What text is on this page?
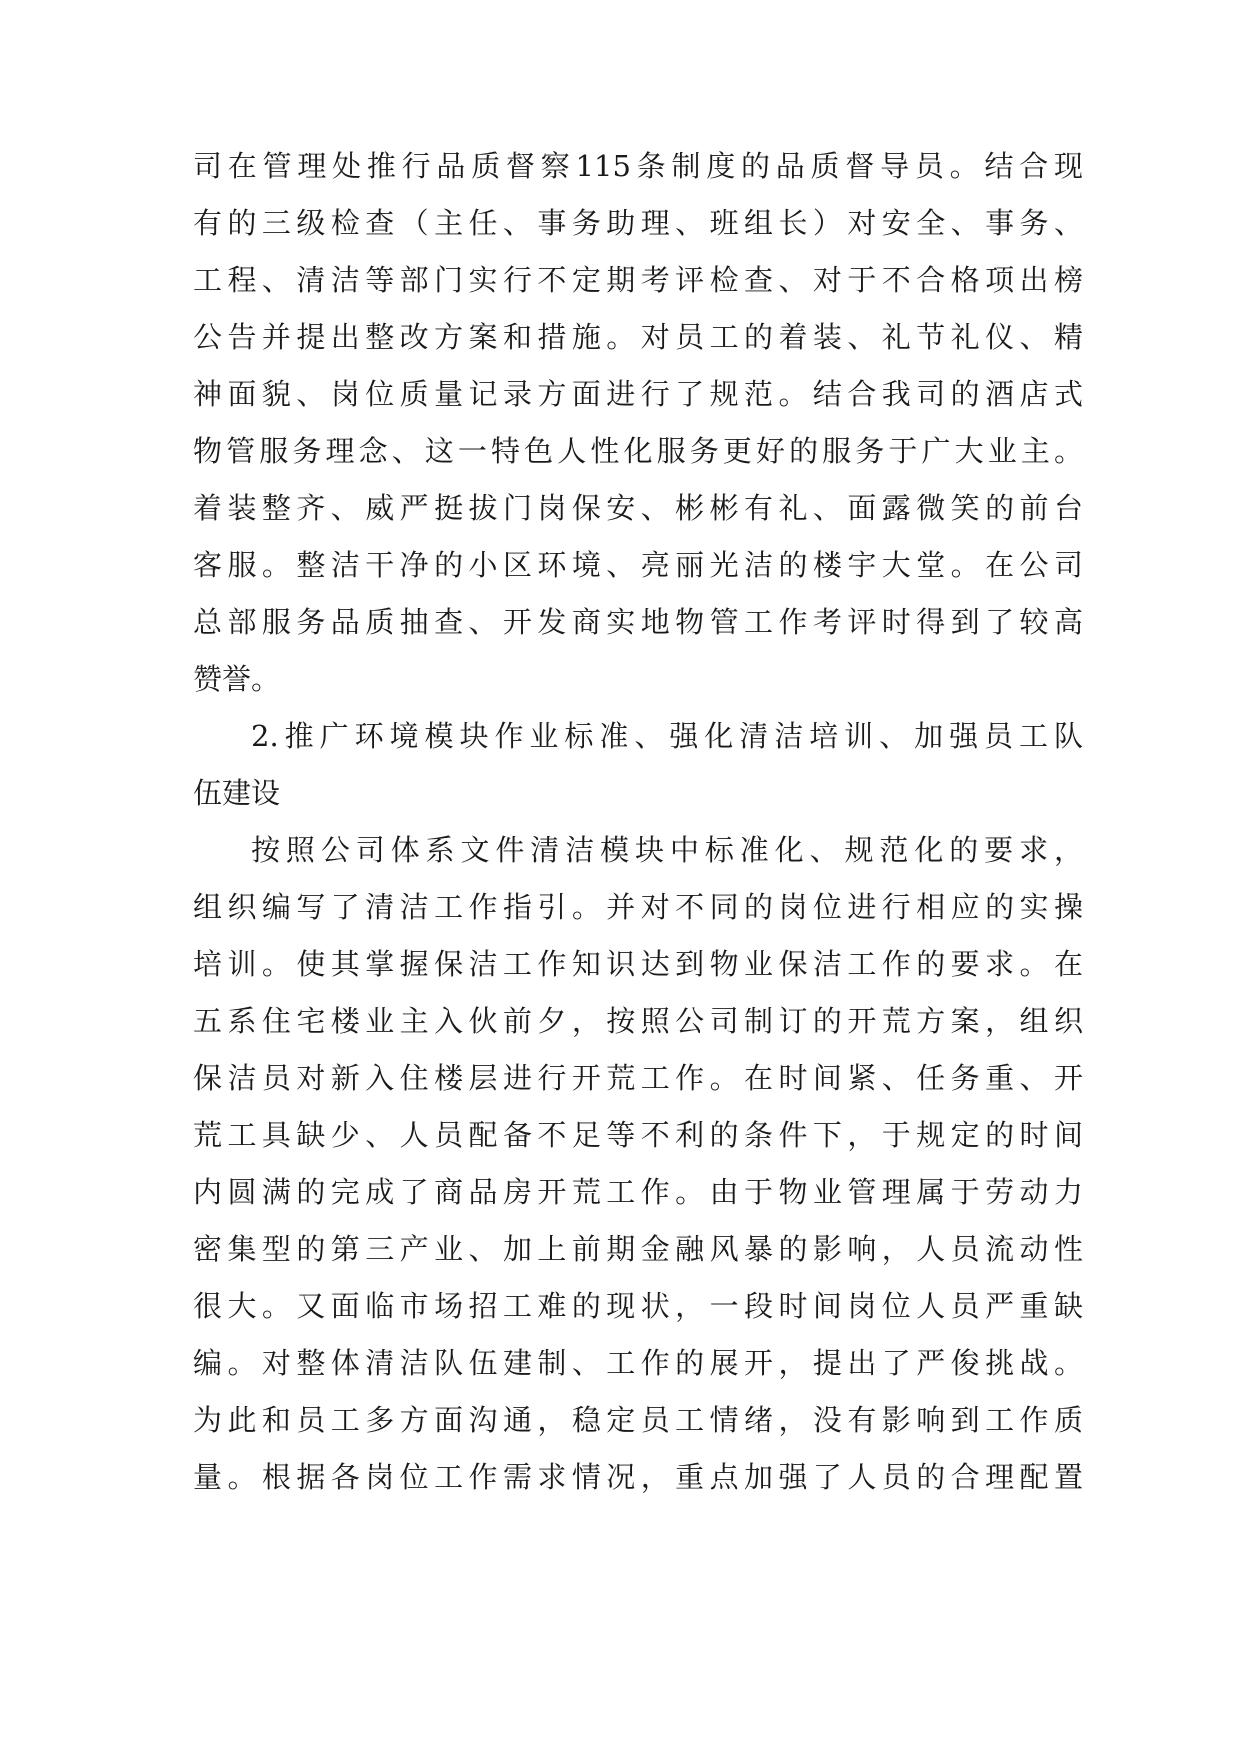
司在管理处推行品质督察115条制度的品质督导员。结合现
有的三级检查（主任、事务助理、班组长）对安全、事务、
工程、清洁等部门实行不定期考评检查、对于不合格项出榜
公告并提出整改方案和措施。对员工的着装、礼节礼仪、精
神面貌、岗位质量记录方面进行了规范。结合我司的酒店式
物管服务理念、这一特色人性化服务更好的服务于广大业主。
着装整齐、威严挺拔门岗保安、彬彬有礼、面露微笑的前台
客服。整洁干净的小区环境、亮丽光洁的楼宇大堂。在公司
总部服务品质抽查、开发商实地物管工作考评时得到了较高
赞誉。
2.推广环境模块作业标准、强化清洁培训、加强员工队
伍建设
按照公司体系文件清洁模块中标准化、规范化的要求，
组织编写了清洁工作指引。并对不同的岗位进行相应的实操
培训。使其掌握保洁工作知识达到物业保洁工作的要求。在
五系住宅楼业主入伙前夕，按照公司制订的开荒方案，组织
保洁员对新入住楼层进行开荒工作。在时间紧、任务重、开
荒工具缺少、人员配备不足等不利的条件下，于规定的时间
内圆满的完成了商品房开荒工作。由于物业管理属于劳动力
密集型的第三产业、加上前期金融风暴的影响，人员流动性
很大。又面临市场招工难的现状，一段时间岗位人员严重缺
编。对整体清洁队伍建制、工作的展开，提出了严俊挑战。
为此和员工多方面沟通，稳定员工情绪，没有影响到工作质
量。根据各岗位工作需求情况，重点加强了人员的合理配置
